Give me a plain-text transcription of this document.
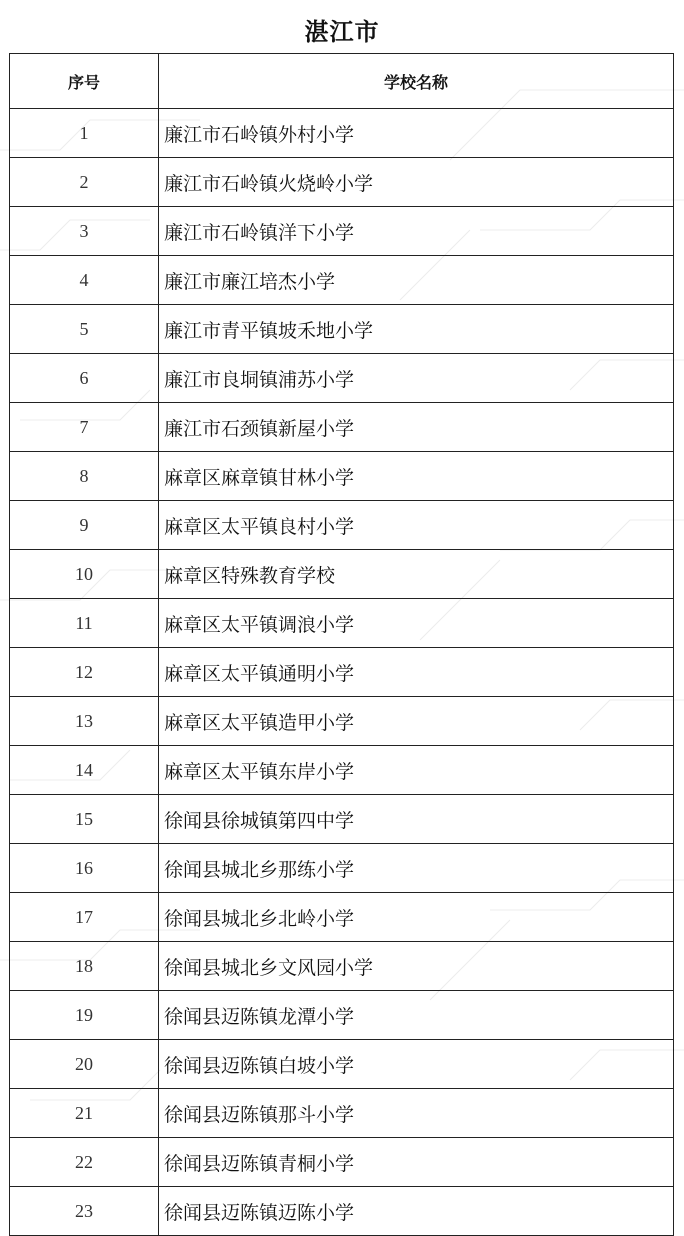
湛江市
序号	学校名称
1	廉江市石岭镇外村小学
2	廉江市石岭镇火烧岭小学
3	廉江市石岭镇洋下小学
4	廉江市廉江培杰小学
5	廉江市青平镇坡禾地小学
6	廉江市良垌镇浦苏小学
7	廉江市石颈镇新屋小学
8	麻章区麻章镇甘林小学
9	麻章区太平镇良村小学
10	麻章区特殊教育学校
11	麻章区太平镇调浪小学
12	麻章区太平镇通明小学
13	麻章区太平镇造甲小学
14	麻章区太平镇东岸小学
15	徐闻县徐城镇第四中学
16	徐闻县城北乡那练小学
17	徐闻县城北乡北岭小学
18	徐闻县城北乡文风园小学
19	徐闻县迈陈镇龙潭小学
20	徐闻县迈陈镇白坡小学
21	徐闻县迈陈镇那斗小学
22	徐闻县迈陈镇青桐小学
23	徐闻县迈陈镇迈陈小学
